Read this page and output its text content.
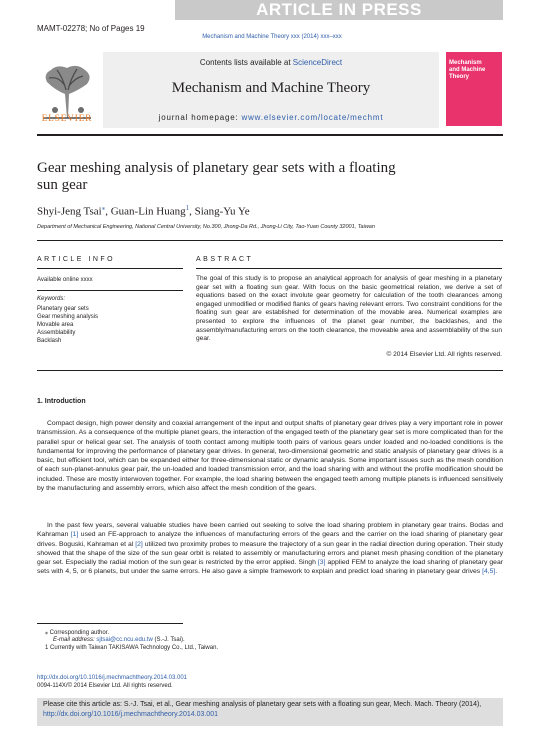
ARTICLE IN PRESS
MAMT-02278; No of Pages 19
Mechanism and Machine Theory xxx (2014) xxx–xxx
ELSEVIER
Contents lists available at ScienceDirect
Mechanism and Machine Theory
journal homepage: www.elsevier.com/locate/mechmt
Mechanism
and Machine
Theory
Gear meshing analysis of planetary gear sets with a floating
sun gear
Shyi-Jeng Tsai⁎, Guan-Lin Huang$^1$, Siang-Yu Ye
Department of Mechanical Engineering, National Central University, No.300, Jhong-Da Rd., Jhong-Li City, Tao-Yuan County 32001, Taiwan
ARTICLE INFO
Available online xxxx
Keywords:
Planetary gear sets
Gear meshing analysis
Movable area
Assemblability
Backlash
ABSTRACT
The goal of this study is to propose an analytical approach for analysis of gear meshing in a planetary gear set with a floating sun gear. With focus on the basic geometrical relation, we derive a set of equations based on the exact involute gear geometry for calculation of the tooth clearances among engaged unmodified or modified flanks of gears having relevant errors. Two constraint conditions for the floating sun gear are established for determination of the movable area. Numerical examples are presented to explore the influences of the planet gear number, the backlashes, and the assembly/manufacturing errors on the tooth clearance, the moveable area and assemblability of the sun gear.
© 2014 Elsevier Ltd. All rights reserved.
1. Introduction
Compact design, high power density and coaxial arrangement of the input and output shafts of planetary gear drives play a very important role in power transmission. As a consequence of the multiple planet gears, the interaction of the engaged teeth of the planetary gear set is more complicated than for the parallel spur or helical gear set. The analysis of tooth contact among multiple tooth pairs of various gears under loaded and no-loaded conditions is the fundamental for improving the performance of planetary gear drives. In general, two-dimensional geometric and static analysis of planetary gear drives is a basic, but efficient tool, which can be expanded either for three-dimensional static or dynamic analysis. Some important issues such as the mesh condition of each sun-planet-annulus gear pair, the un-loaded and loaded transmission error, and the load sharing with and without the profile modification should be included. These are mostly interwoven together. For example, the load sharing between the engaged teeth among multiple planets is influenced sensitively by the manufacturing and assembly errors, which also affect the mesh condition of the gears.
In the past few years, several valuable studies have been carried out seeking to solve the load sharing problem in planetary gear trains. Bodas and Kahraman [1] used an FE-approach to analyze the influences of manufacturing errors of the gears and the carrier on the load sharing of planetary gear drives. Boguski, Kahraman et al [2] utilized two proximity probes to measure the trajectory of a sun gear in the radial direction during operation. Their study showed that the shape of the size of the sun gear orbit is related to assembly or manufacturing errors and planet mesh phasing condition of the planetary gear set. Especially the radial motion of the sun gear is restricted by the error applied. Singh [3] applied FEM to analyze the load sharing of planetary gear sets with 4, 5, or 6 planets, but under the same errors. He also gave a simple framework to explain and predict load sharing in planetary gear drives [4,5].
⁎ Corresponding author.
E-mail address: sjtsai@cc.ncu.edu.tw (S.-J. Tsai).
1 Currently with Taiwan TAKISAWA Technology Co., Ltd., Taiwan.
http://dx.doi.org/10.1016/j.mechmachtheory.2014.03.001
0094-114X/© 2014 Elsevier Ltd. All rights reserved.
Please cite this article as: S.-J. Tsai, et al., Gear meshing analysis of planetary gear sets with a floating sun gear, Mech. Mach. Theory (2014), http://dx.doi.org/10.1016/j.mechmachtheory.2014.03.001
